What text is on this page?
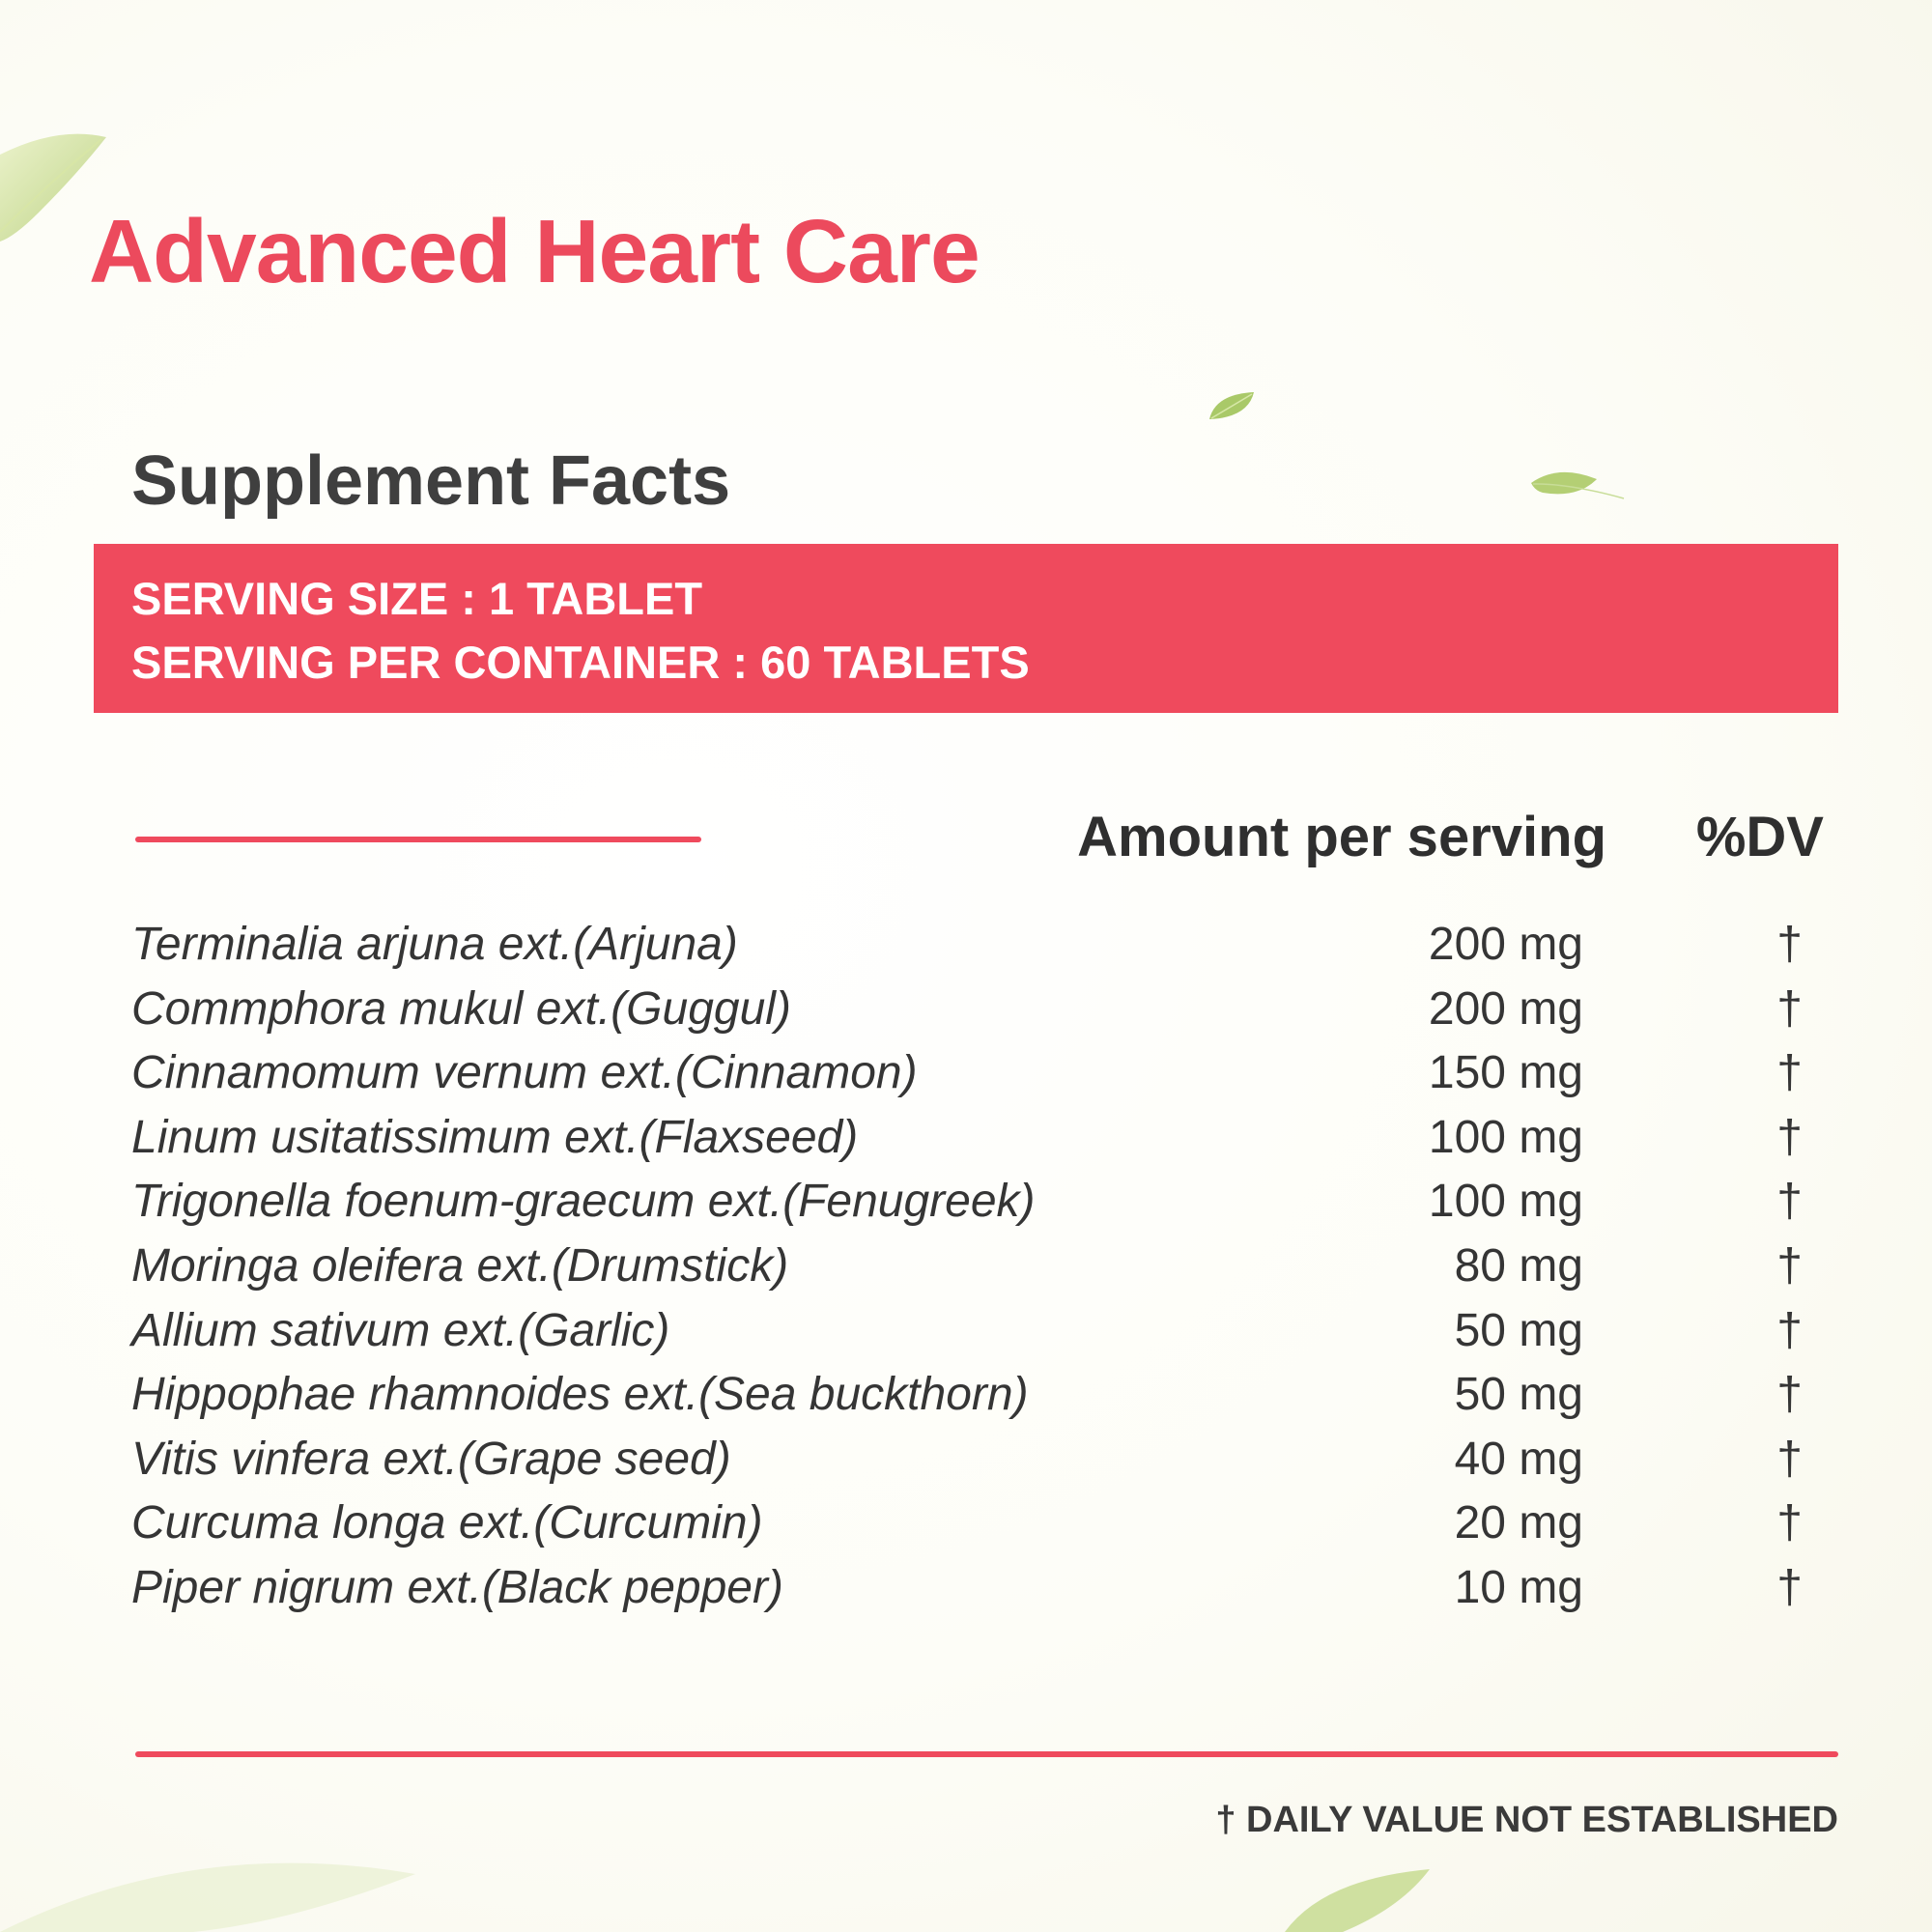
Advanced Heart Care
Supplement Facts
SERVING SIZE : 1 TABLET
SERVING PER CONTAINER : 60 TABLETS
Amount per serving %DV
Terminalia arjuna ext.(Arjuna)	200 mg	†
Commphora mukul ext.(Guggul)	200 mg	†
Cinnamomum vernum ext.(Cinnamon)	150 mg	†
Linum usitatissimum ext.(Flaxseed)	100 mg	†
Trigonella foenum-graecum ext.(Fenugreek)	100 mg	†
Moringa oleifera ext.(Drumstick)	80 mg	†
Allium sativum ext.(Garlic)	50 mg	†
Hippophae rhamnoides ext.(Sea buckthorn)	50 mg	†
Vitis vinfera ext.(Grape seed)	40 mg	†
Curcuma longa ext.(Curcumin)	20 mg	†
Piper nigrum ext.(Black pepper)	10 mg	†
† DAILY VALUE NOT ESTABLISHED
